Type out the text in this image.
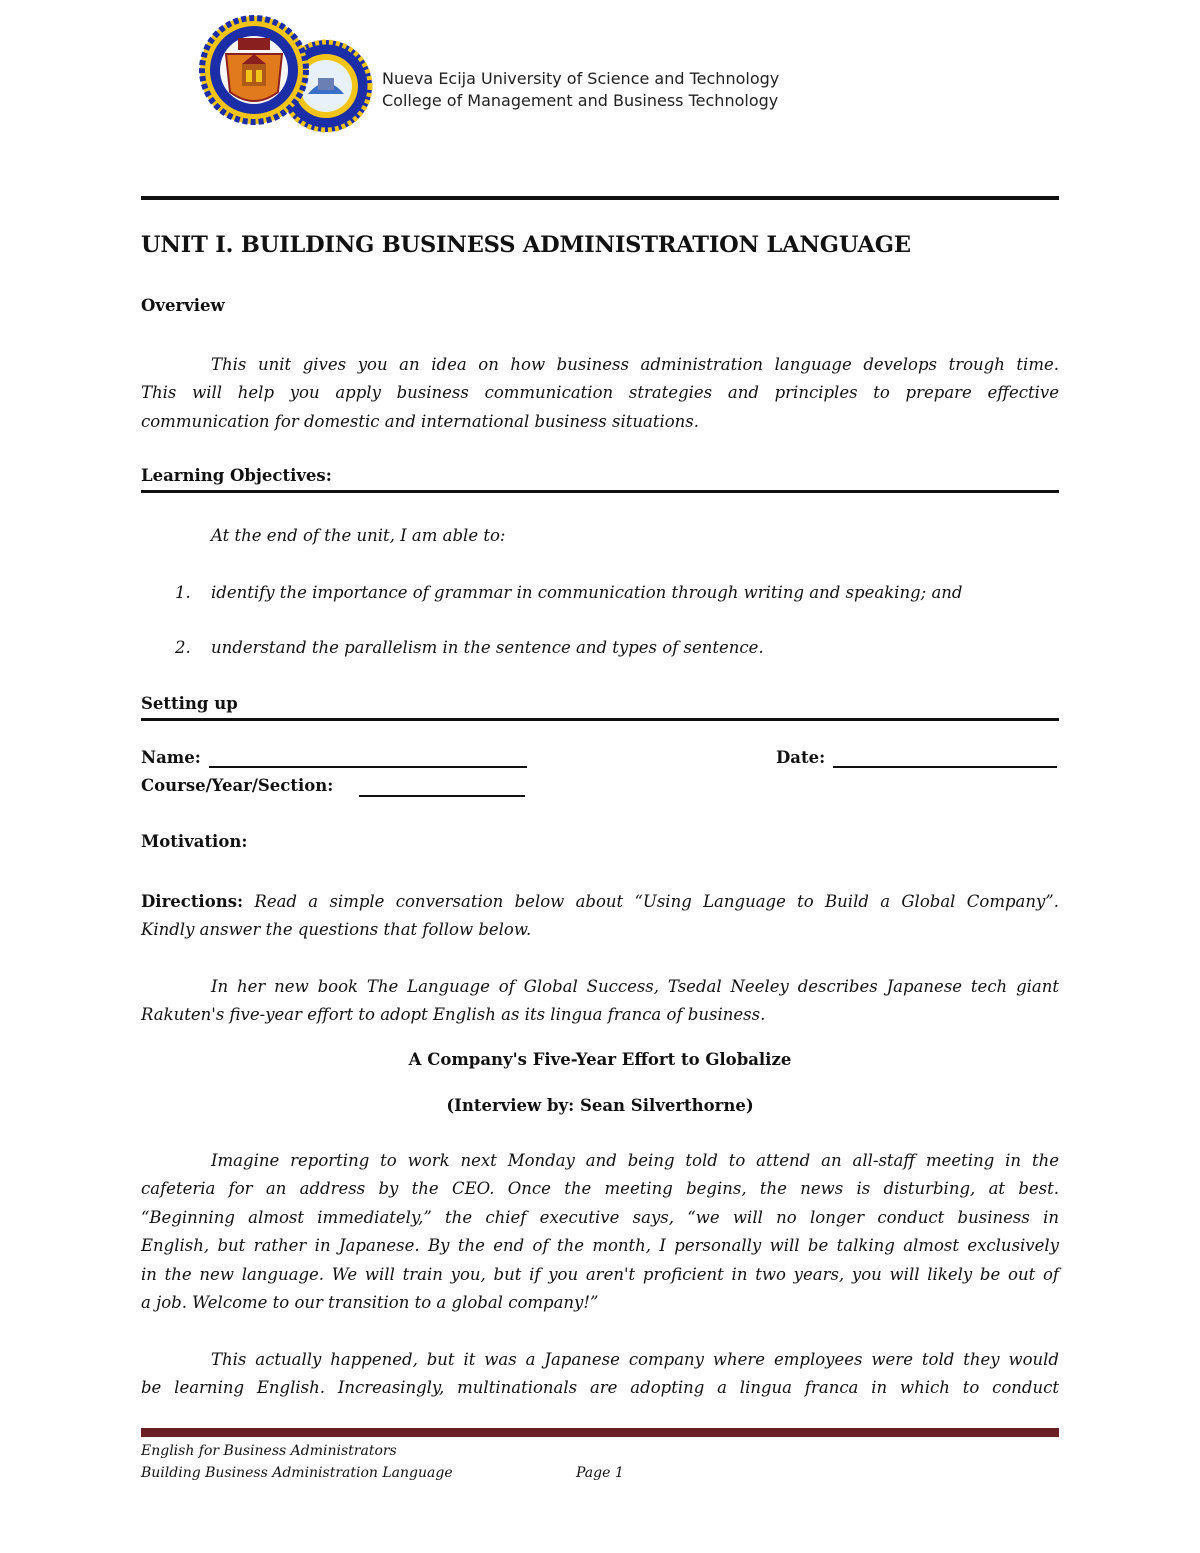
Nueva Ecija University of Science and Technology
College of Management and Business Technology
UNIT I. BUILDING BUSINESS ADMINISTRATION LANGUAGE
Overview
This unit gives you an idea on how business administration language develops trough time.
This will help you apply business communication strategies and principles to prepare effective
communication for domestic and international business situations.
Learning Objectives:
At the end of the unit, I am able to:
1. identify the importance of grammar in communication through writing and speaking; and
2. understand the parallelism in the sentence and types of sentence.
Setting up
Name:	Date:
Course/Year/Section:
Motivation:
Directions: Read a simple conversation below about “Using Language to Build a Global Company”.
Kindly answer the questions that follow below.
In her new book The Language of Global Success, Tsedal Neeley describes Japanese tech giant
Rakuten's five-year effort to adopt English as its lingua franca of business.
A Company's Five-Year Effort to Globalize
(Interview by: Sean Silverthorne)
Imagine reporting to work next Monday and being told to attend an all-staff meeting in the
cafeteria for an address by the CEO. Once the meeting begins, the news is disturbing, at best.
“Beginning almost immediately,” the chief executive says, “we will no longer conduct business in
English, but rather in Japanese. By the end of the month, I personally will be talking almost exclusively
in the new language. We will train you, but if you aren't proficient in two years, you will likely be out of
a job. Welcome to our transition to a global company!”
This actually happened, but it was a Japanese company where employees were told they would
be learning English. Increasingly, multinationals are adopting a lingua franca in which to conduct
English for Business Administrators
Building Business Administration Language	Page 1
